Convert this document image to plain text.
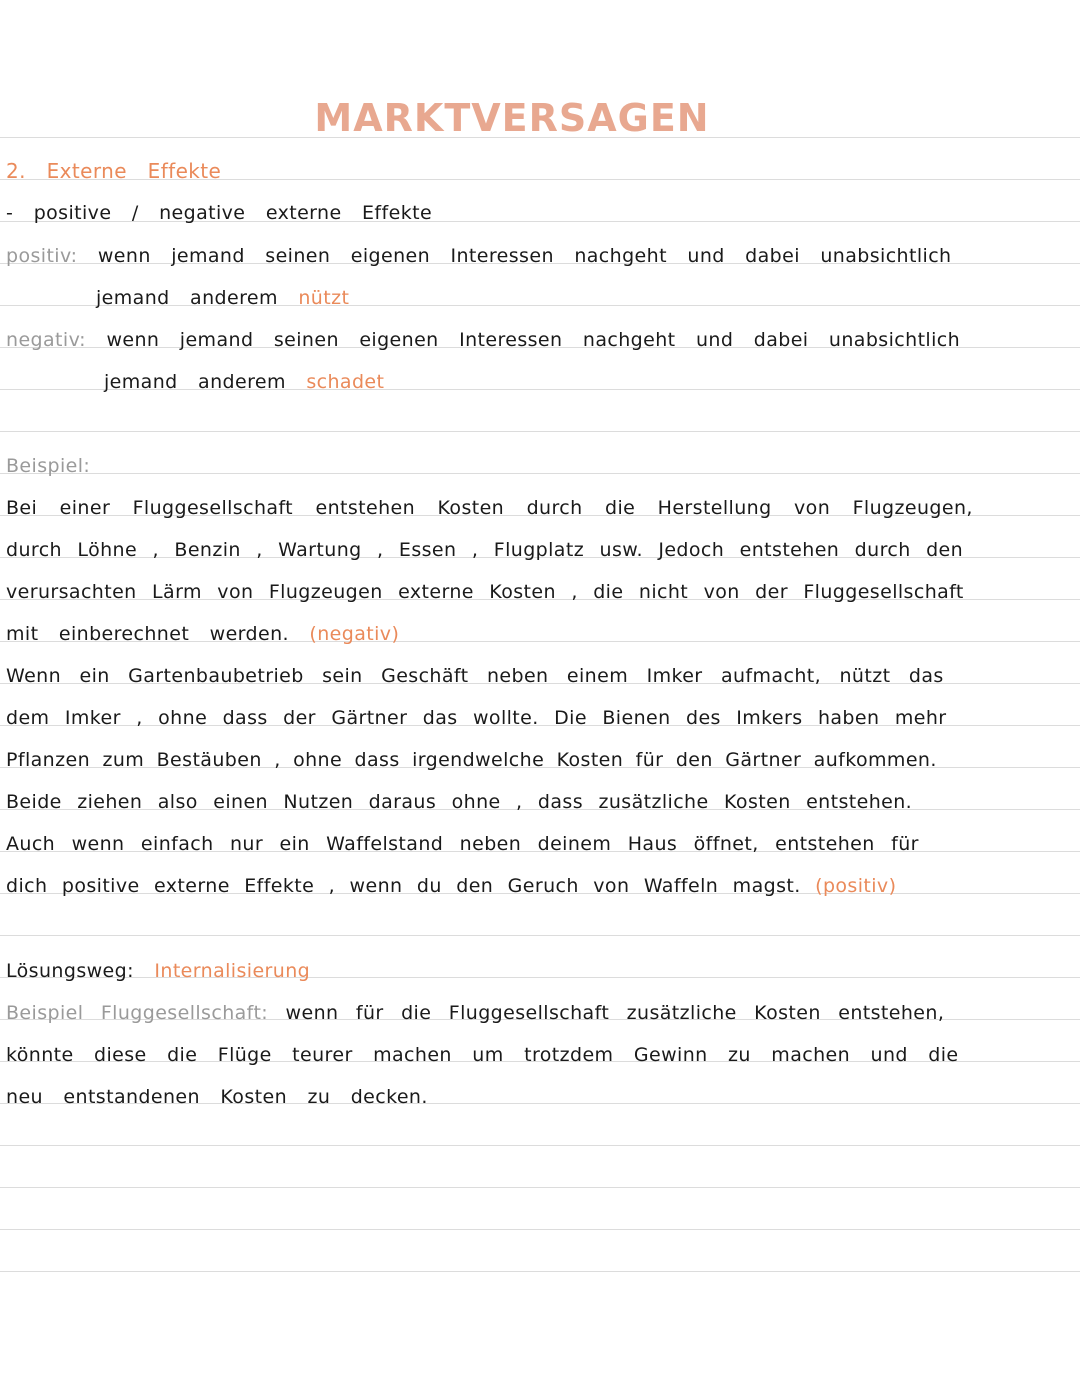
MARKTVERSAGEN
2. Externe Effekte
- positive / negative externe Effekte
positiv: wenn jemand seinen eigenen Interessen nachgeht und dabei unabsichtlich
jemand anderem nützt
negativ: wenn jemand seinen eigenen Interessen nachgeht und dabei unabsichtlich
jemand anderem schadet
Beispiel:
Bei einer Fluggesellschaft entstehen Kosten durch die Herstellung von Flugzeugen,
durch Löhne , Benzin , Wartung , Essen , Flugplatz usw. Jedoch entstehen durch den
verursachten Lärm von Flugzeugen externe Kosten , die nicht von der Fluggesellschaft
mit einberechnet werden. (negativ)
Wenn ein Gartenbaubetrieb sein Geschäft neben einem Imker aufmacht, nützt das
dem Imker , ohne dass der Gärtner das wollte. Die Bienen des Imkers haben mehr
Pflanzen zum Bestäuben , ohne dass irgendwelche Kosten für den Gärtner aufkommen.
Beide ziehen also einen Nutzen daraus ohne , dass zusätzliche Kosten entstehen.
Auch wenn einfach nur ein Waffelstand neben deinem Haus öffnet, entstehen für
dich positive externe Effekte , wenn du den Geruch von Waffeln magst. (positiv)
Lösungsweg: Internalisierung
Beispiel Fluggesellschaft: wenn für die Fluggesellschaft zusätzliche Kosten entstehen,
könnte diese die Flüge teurer machen um trotzdem Gewinn zu machen und die
neu entstandenen Kosten zu decken.
